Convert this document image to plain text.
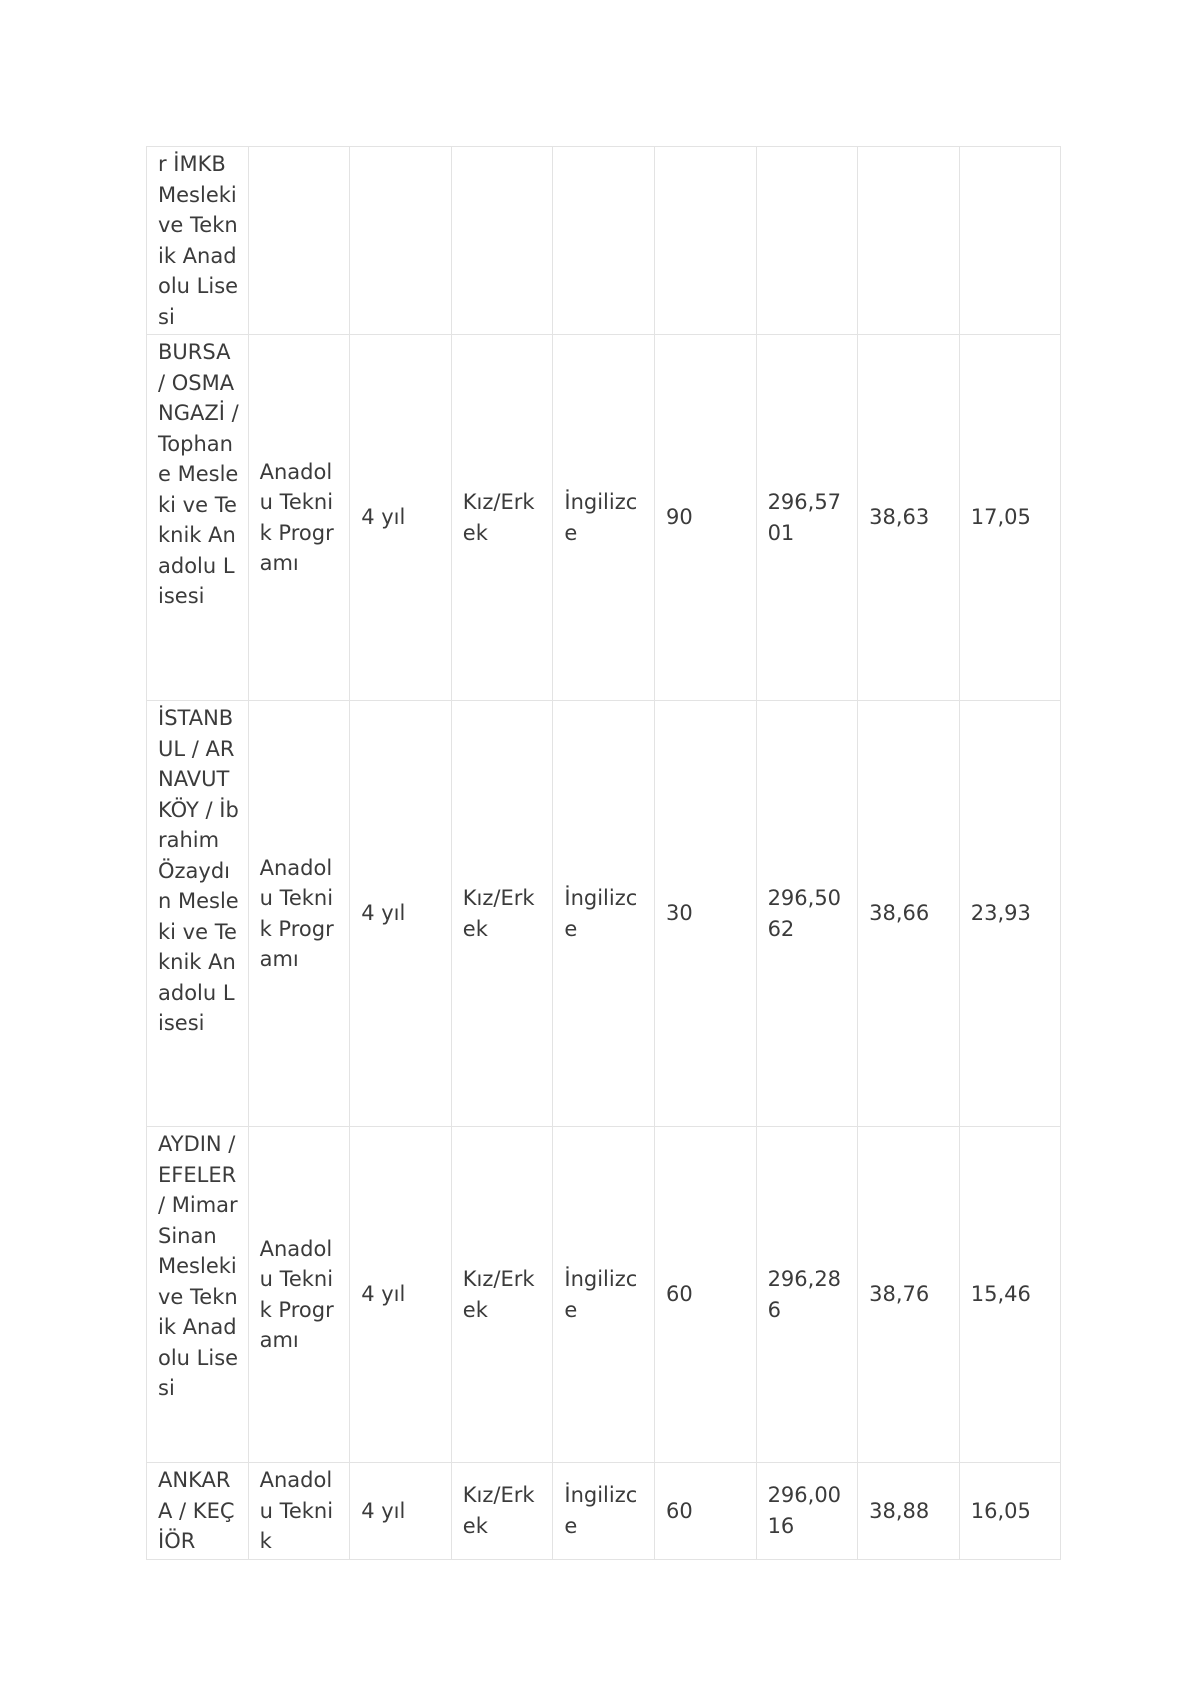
r İMKB Mesleki ve Teknik Anadolu Lisesi								
BURSA / OSMANGAZİ / Tophane Mesleki ve Teknik Anadolu Lisesi	Anadolu Teknik Programı	4 yıl	Kız/Erkek	İngilizce	90	296,5701	38,63	17,05
İSTANBUL / ARNAVUTKÖY / İbrahim Özaydın Mesleki ve Teknik Anadolu Lisesi	Anadolu Teknik Programı	4 yıl	Kız/Erkek	İngilizce	30	296,5062	38,66	23,93
AYDIN / EFELER / Mimar Sinan Mesleki ve Teknik Anadolu Lisesi	Anadolu Teknik Programı	4 yıl	Kız/Erkek	İngilizce	60	296,286	38,76	15,46
ANKARA / KEÇİÖR	Anadolu Teknik	4 yıl	Kız/Erkek	İngilizce	60	296,0016	38,88	16,05
